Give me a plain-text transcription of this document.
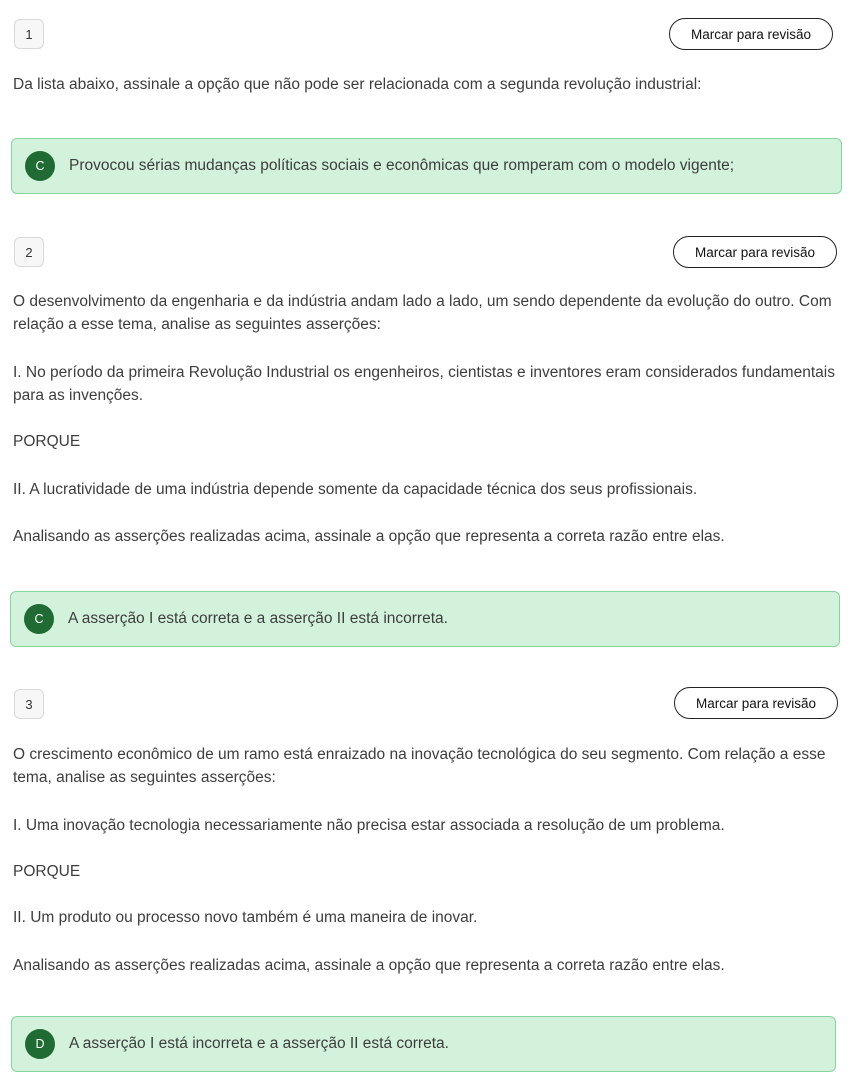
1	Marcar para revisão

Da lista abaixo, assinale a opção que não pode ser relacionada com a segunda revolução industrial:

C	Provocou sérias mudanças políticas sociais e econômicas que romperam com o modelo vigente;
2	Marcar para revisão

O desenvolvimento da engenharia e da indústria andam lado a lado, um sendo dependente da evolução do outro. Com relação a esse tema, analise as seguintes asserções:

I. No período da primeira Revolução Industrial os engenheiros, cientistas e inventores eram considerados fundamentais para as invenções.

PORQUE

II. A lucratividade de uma indústria depende somente da capacidade técnica dos seus profissionais.

Analisando as asserções realizadas acima, assinale a opção que representa a correta razão entre elas.

C	A asserção I está correta e a asserção II está incorreta.
3	Marcar para revisão

O crescimento econômico de um ramo está enraizado na inovação tecnológica do seu segmento. Com relação a esse tema, analise as seguintes asserções:

I. Uma inovação tecnologia necessariamente não precisa estar associada a resolução de um problema.

PORQUE

II. Um produto ou processo novo também é uma maneira de inovar.

Analisando as asserções realizadas acima, assinale a opção que representa a correta razão entre elas.

D	A asserção I está incorreta e a asserção II está correta.
